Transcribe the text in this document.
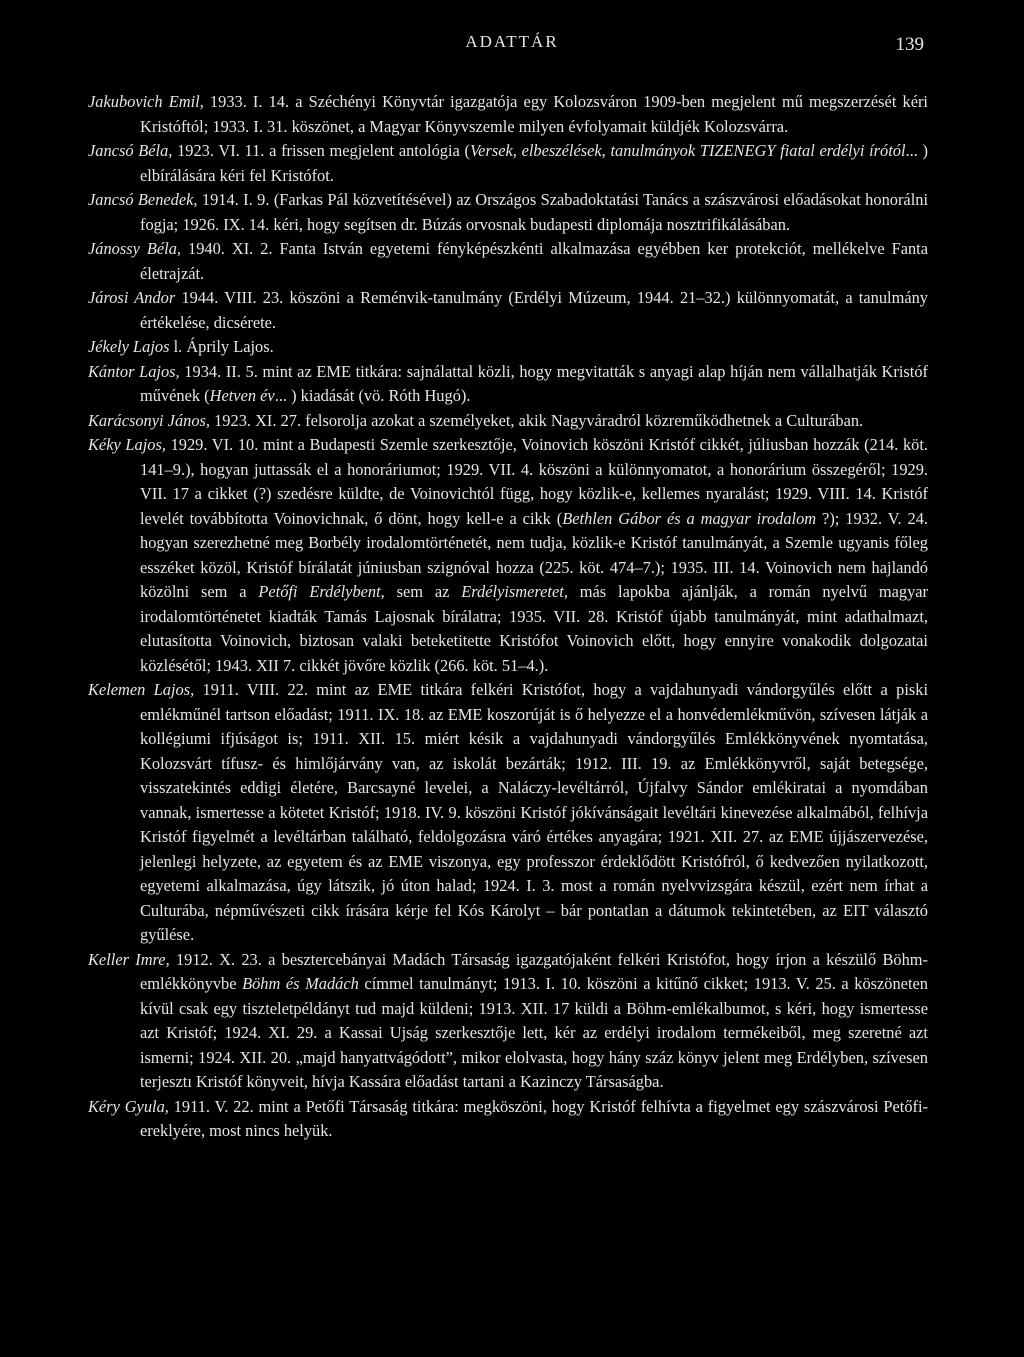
ADATTÁR	139

Jakubovich Emil, 1933. I. 14. a Széchényi Könyvtár igazgatója egy Kolozsváron 1909-ben megjelent mű megszerzését kéri Kristóftól; 1933. I. 31. köszönet, a Magyar Könyvszemle milyen évfolyamait küldjék Kolozsvárra.

Jancsó Béla, 1923. VI. 11. a frissen megjelent antológia (Versek, elbeszélések, tanulmányok TIZENEGY fiatal erdélyi írótól... ) elbírálására kéri fel Kristófot.

Jancsó Benedek, 1914. I. 9. (Farkas Pál közvetítésével) az Országos Szabadoktatási Tanács a szászvárosi előadásokat honorálni fogja; 1926. IX. 14. kéri, hogy segítsen dr. Búzás orvosnak budapesti diplomája nosztrifikálásában.

Jánossy Béla, 1940. XI. 2. Fanta István egyetemi fényképészkénti alkalmazása egyébben ker protekciót, mellékelve Fanta életrajzát.

Járosi Andor 1944. VIII. 23. köszöni a Reménvik-tanulmány (Erdélyi Múzeum, 1944. 21–32.) különnyomatát, a tanulmány értékelése, dicsérete.

Jékely Lajos l. Áprily Lajos.

Kántor Lajos, 1934. II. 5. mint az EME titkára: sajnálattal közli, hogy megvitatták s anyagi alap híján nem vállalhatják Kristóf művének (Hetven év... ) kiadását (vö. Róth Hugó).

Karácsonyi János, 1923. XI. 27. felsorolja azokat a személyeket, akik Nagyváradról közreműködhetnek a Culturában.

Kéky Lajos, 1929. VI. 10. mint a Budapesti Szemle szerkesztője, Voinovich köszöni Kristóf cikkét, júliusban hozzák (214. köt. 141–9.), hogyan juttassák el a honoráriumot; 1929. VII. 4. köszöni a különnyomatot, a honorárium összegéről; 1929. VII. 17 a cikket (?) szedésre küldte, de Voinovichtól függ, hogy közlik-e, kellemes nyaralást; 1929. VIII. 14. Kristóf levelét továbbította Voinovichnak, ő dönt, hogy kell-e a cikk (Bethlen Gábor és a magyar irodalom ?); 1932. V. 24. hogyan szerezhetné meg Borbély irodalomtörténetét, nem tudja, közlik-e Kristóf tanulmányát, a Szemle ugyanis főleg esszéket közöl, Kristóf bírálatát júniusban szignóval hozza (225. köt. 474–7.); 1935. III. 14. Voinovich nem hajlandó közölni sem a Petőfi Erdélybent, sem az Erdélyismeretet, más lapokba ajánlják, a román nyelvű magyar irodalomtörténetet kiadták Tamás Lajosnak bírálatra; 1935. VII. 28. Kristóf újabb tanulmányát, mint adathalmazt, elutasította Voinovich, biztosan valaki beteketitette Kristófot Voinovich előtt, hogy ennyire vonakodik dolgozatai közlésétől; 1943. XII 7. cikkét jövőre közlik (266. köt. 51–4.).

Kelemen Lajos, 1911. VIII. 22. mint az EME titkára felkéri Kristófot, hogy a vajdahunyadi vándorgyűlés előtt a piski emlékműnél tartson előadást; 1911. IX. 18. az EME koszorúját is ő helyezze el a honvédemlékművön, szívesen látják a kollégiumi ifjúságot is; 1911. XII. 15. miért késik a vajdahunyadi vándorgyűlés Emlékkönyvének nyomtatása, Kolozsvárt tífusz- és himlőjárvány van, az iskolát bezárták; 1912. III. 19. az Emlékkönyvről, saját betegsége, visszatekintés eddigi életére, Barcsayné levelei, a Naláczy-levéltárról, Újfalvy Sándor emlékiratai a nyomdában vannak, ismertesse a kötetet Kristóf; 1918. IV. 9. köszöni Kristóf jókívánságait levéltári kinevezése alkalmából, felhívja Kristóf figyelmét a levéltárban található, feldolgozásra váró értékes anyagára; 1921. XII. 27. az EME újjászervezése, jelenlegi helyzete, az egyetem és az EME viszonya, egy professzor érdeklődött Kristófról, ő kedvezően nyilatkozott, egyetemi alkalmazása, úgy látszik, jó úton halad; 1924. I. 3. most a román nyelvvizsgára készül, ezért nem írhat a Culturába, népművészeti cikk írására kérje fel Kós Károlyt – bár pontatlan a dátumok tekintetében, az EIT választó gyűlése.

Keller Imre, 1912. X. 23. a besztercebányai Madách Társaság igazgatójaként felkéri Kristófot, hogy írjon a készülő Böhm-emlékkönyvbe Böhm és Madách címmel tanulmányt; 1913. I. 10. köszöni a kitűnő cikket; 1913. V. 25. a köszöneten kívül csak egy tiszteletpéldányt tud majd küldeni; 1913. XII. 17 küldi a Böhm-emlékalbumot, s kéri, hogy ismertesse azt Kristóf; 1924. XI. 29. a Kassai Ujság szerkesztője lett, kér az erdélyi irodalom termékeiből, meg szeretné azt ismerni; 1924. XII. 20. „majd hanyattvágódott”, mikor elolvasta, hogy hány száz könyv jelent meg Erdélyben, szívesen terjesztı Kristóf könyveit, hívja Kassára előadást tartani a Kazinczy Társaságba.

Kéry Gyula, 1911. V. 22. mint a Petőfi Társaság titkára: megköszöni, hogy Kristóf felhívta a figyelmet egy szászvárosi Petőfi-ereklyére, most nincs helyük.
